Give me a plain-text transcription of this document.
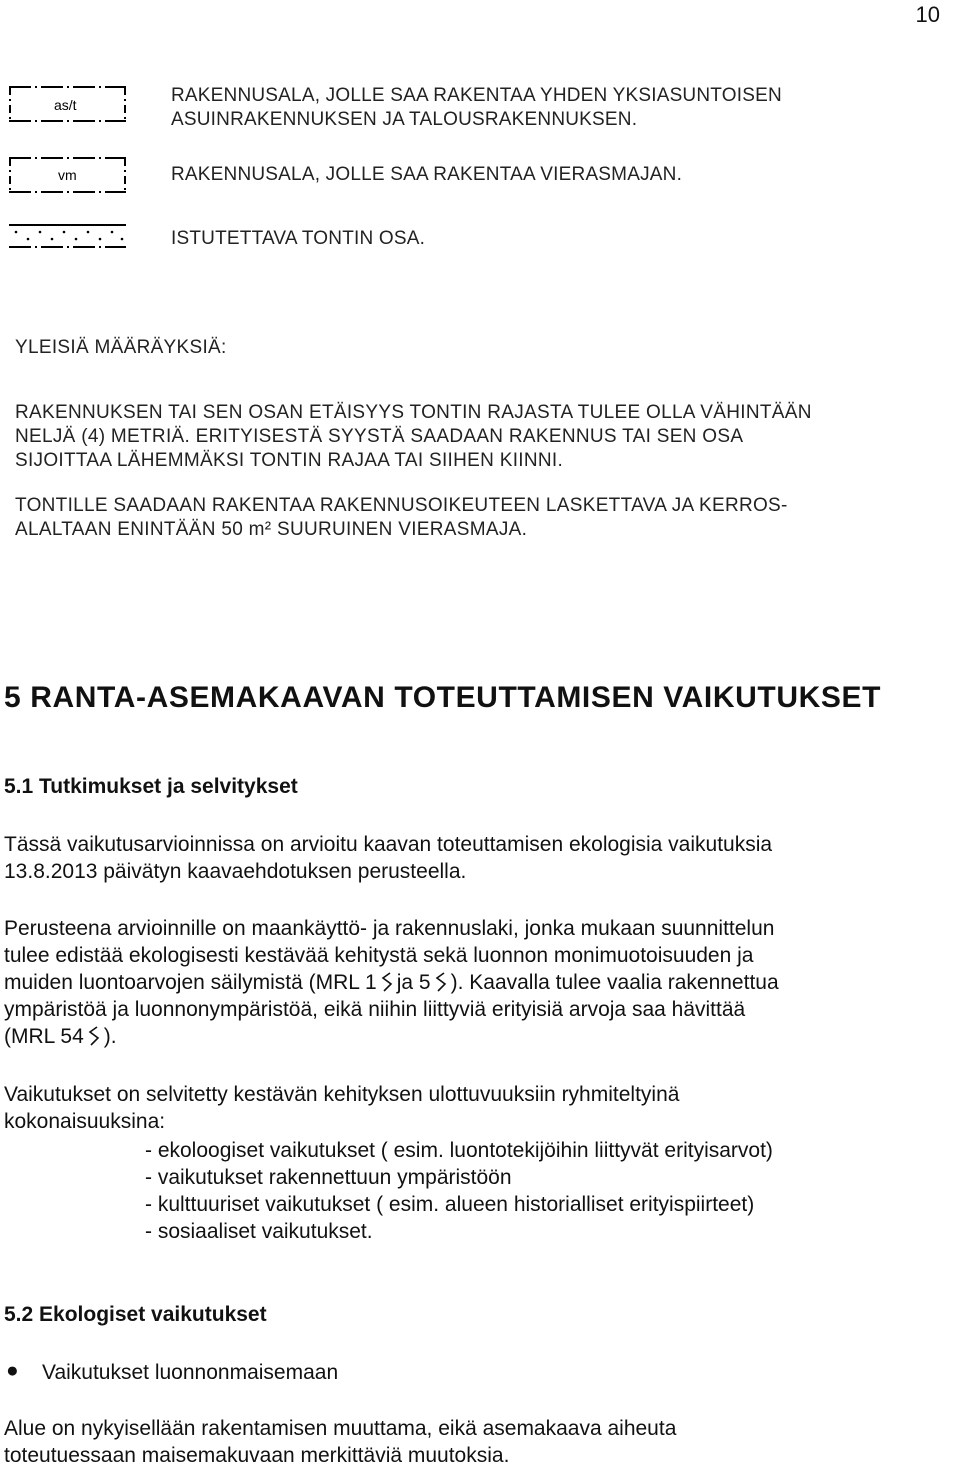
10
as/t
vm
RAKENNUSALA, JOLLE SAA RAKENTAA YHDEN YKSIASUNTOISEN
ASUINRAKENNUKSEN JA TALOUSRAKENNUKSEN.
RAKENNUSALA, JOLLE SAA RAKENTAA VIERASMAJAN.
ISTUTETTAVA TONTIN OSA.
YLEISIÄ MÄÄRÄYKSIÄ:
RAKENNUKSEN TAI SEN OSAN ETÄISYYS TONTIN RAJASTA TULEE OLLA VÄHINTÄÄN
NELJÄ (4) METRIÄ. ERITYISESTÄ SYYSTÄ SAADAAN RAKENNUS TAI SEN OSA
SIJOITTAA LÄHEMMÄKSI TONTIN RAJAA TAI SIIHEN KIINNI.
TONTILLE SAADAAN RAKENTAA RAKENNUSOIKEUTEEN LASKETTAVA JA KERROS-
ALALTAAN ENINTÄÄN 50 m² SUURUINEN VIERASMAJA.
5 RANTA-ASEMAKAAVAN TOTEUTTAMISEN VAIKUTUKSET
5.1 Tutkimukset ja selvitykset
Tässä vaikutusarvioinnissa on arvioitu kaavan toteuttamisen ekologisia vaikutuksia
13.8.2013 päivätyn kaavaehdotuksen perusteella.
Perusteena arvioinnille on maankäyttö- ja rakennuslaki, jonka mukaan suunnittelun
tulee edistää ekologisesti kestävää kehitystä sekä luonnon monimuotoisuuden ja
muiden luontoarvojen säilymistä (MRL 1 ja 5 ). Kaavalla tulee vaalia rakennettua
ympäristöä ja luonnonympäristöä, eikä niihin liittyviä erityisiä arvoja saa hävittää
(MRL 54 ).
Vaikutukset on selvitetty kestävän kehityksen ulottuvuuksiin ryhmiteltyinä
kokonaisuuksina:
- ekoloogiset vaikutukset ( esim. luontotekijöihin liittyvät erityisarvot)
- vaikutukset rakennettuun ympäristöön
- kulttuuriset vaikutukset ( esim. alueen historialliset erityispiirteet)
- sosiaaliset vaikutukset.
5.2 Ekologiset vaikutukset
● Vaikutukset luonnonmaisemaan
Alue on nykyisellään rakentamisen muuttama, eikä asemakaava aiheuta
toteutuessaan maisemakuvaan merkittäviä muutoksia.
